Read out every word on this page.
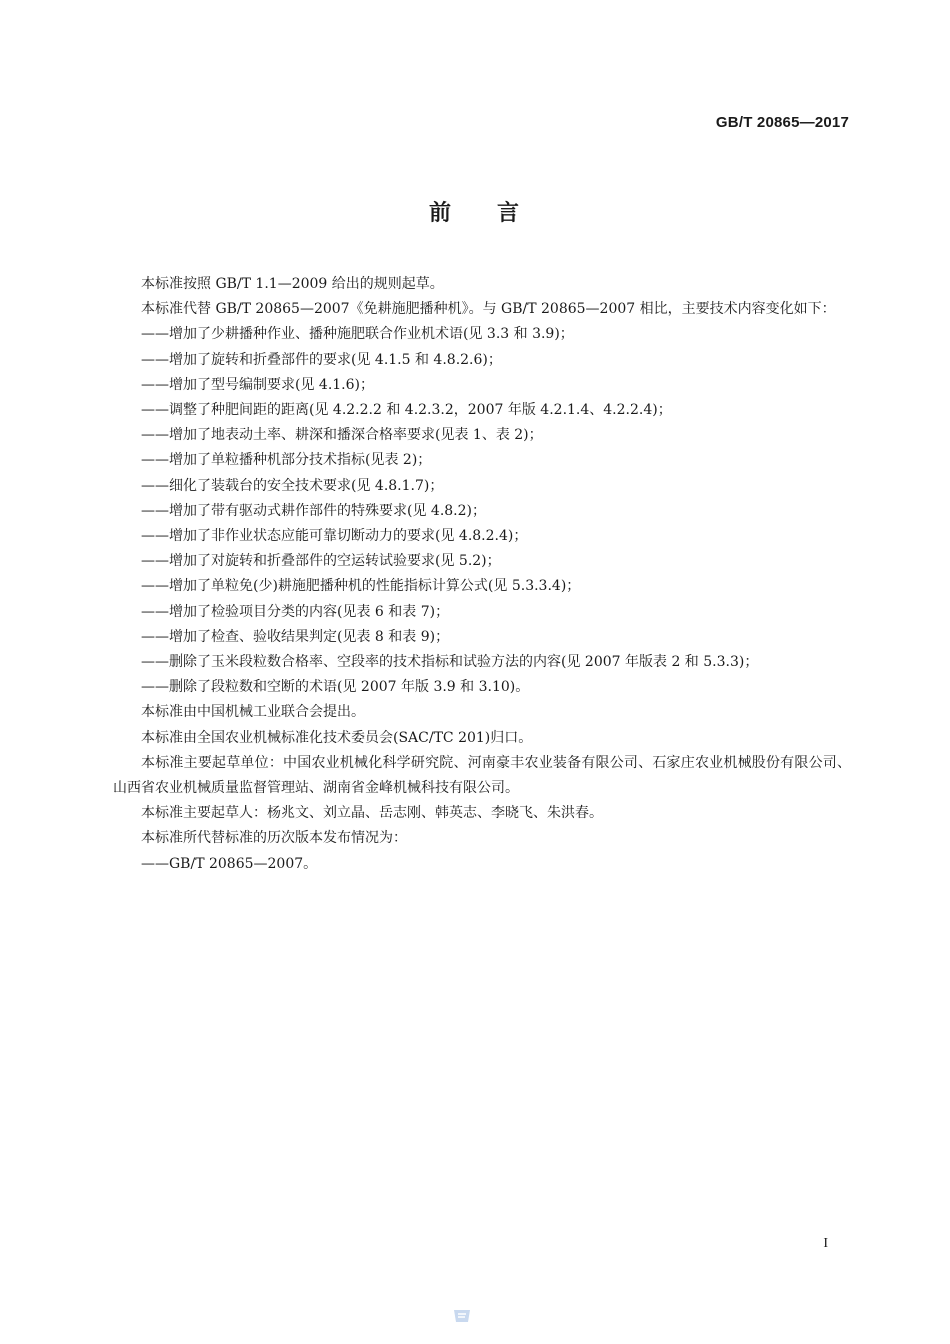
GB/T 20865—2017
前 言

本标准按照 GB/T 1.1—2009 给出的规则起草。

本标准代替 GB/T 20865—2007《免耕施肥播种机》。与 GB/T 20865—2007 相比，主要技术内容变化如下：

——增加了少耕播种作业、播种施肥联合作业机术语(见 3.3 和 3.9)；
——增加了旋转和折叠部件的要求(见 4.1.5 和 4.8.2.6)；
——增加了型号编制要求(见 4.1.6)；
——调整了种肥间距的距离(见 4.2.2.2 和 4.2.3.2，2007 年版 4.2.1.4、4.2.2.4)；
——增加了地表动土率、耕深和播深合格率要求(见表 1、表 2)；
——增加了单粒播种机部分技术指标(见表 2)；
——细化了装载台的安全技术要求(见 4.8.1.7)；
——增加了带有驱动式耕作部件的特殊要求(见 4.8.2)；
——增加了非作业状态应能可靠切断动力的要求(见 4.8.2.4)；
——增加了对旋转和折叠部件的空运转试验要求(见 5.2)；
——增加了单粒免(少)耕施肥播种机的性能指标计算公式(见 5.3.3.4)；
——增加了检验项目分类的内容(见表 6 和表 7)；
——增加了检查、验收结果判定(见表 8 和表 9)；
——删除了玉米段粒数合格率、空段率的技术指标和试验方法的内容(见 2007 年版表 2 和 5.3.3)；
——删除了段粒数和空断的术语(见 2007 年版 3.9 和 3.10)。

本标准由中国机械工业联合会提出。

本标准由全国农业机械标准化技术委员会(SAC/TC 201)归口。

本标准主要起草单位：中国农业机械化科学研究院、河南豪丰农业装备有限公司、石家庄农业机械股份有限公司、山西省农业机械质量监督管理站、湖南省金峰机械科技有限公司。

本标准主要起草人：杨兆文、刘立晶、岳志刚、韩英志、李晓飞、朱洪春。

本标准所代替标准的历次版本发布情况为：

——GB/T 20865—2007。
I
